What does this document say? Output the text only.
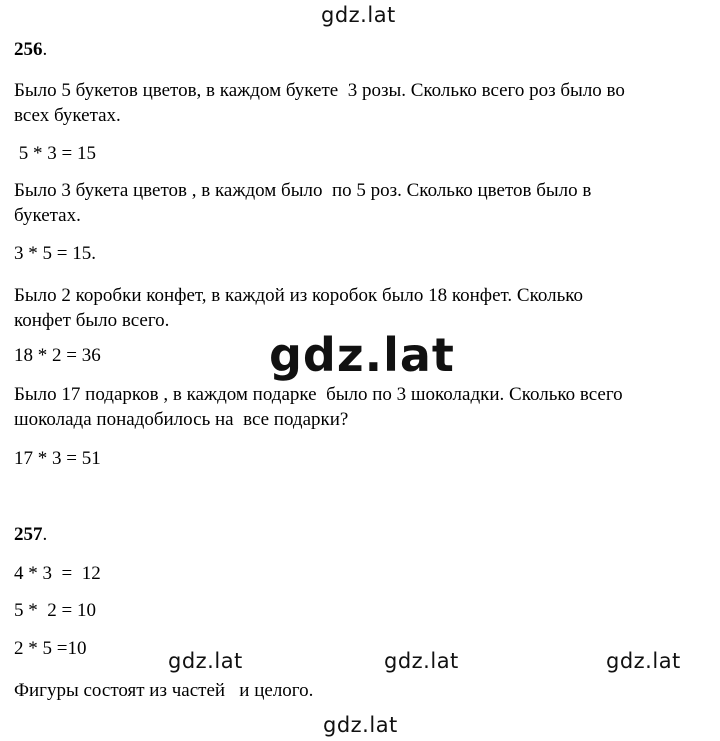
gdz.lat
256.
Было 5 букетов цветов, в каждом букете  3 розы. Сколько всего роз было во
всех букетах.
5 * 3 = 15
Было 3 букета цветов , в каждом было  по 5 роз. Сколько цветов было в
букетах.
3 * 5 = 15.
Было 2 коробки конфет, в каждой из коробок было 18 конфет. Сколько
конфет было всего.
18 * 2 = 36	gdz.lat
Было 17 подарков , в каждом подарке  было по 3 шоколадки. Сколько всего
шоколада понадобилось на  все подарки?
17 * 3 = 51
257.
4 * 3  =  12
5 *  2 = 10
2 * 5 =10
gdz.lat	gdz.lat	gdz.lat
Фигуры состоят из частей   и целого.
gdz.lat
